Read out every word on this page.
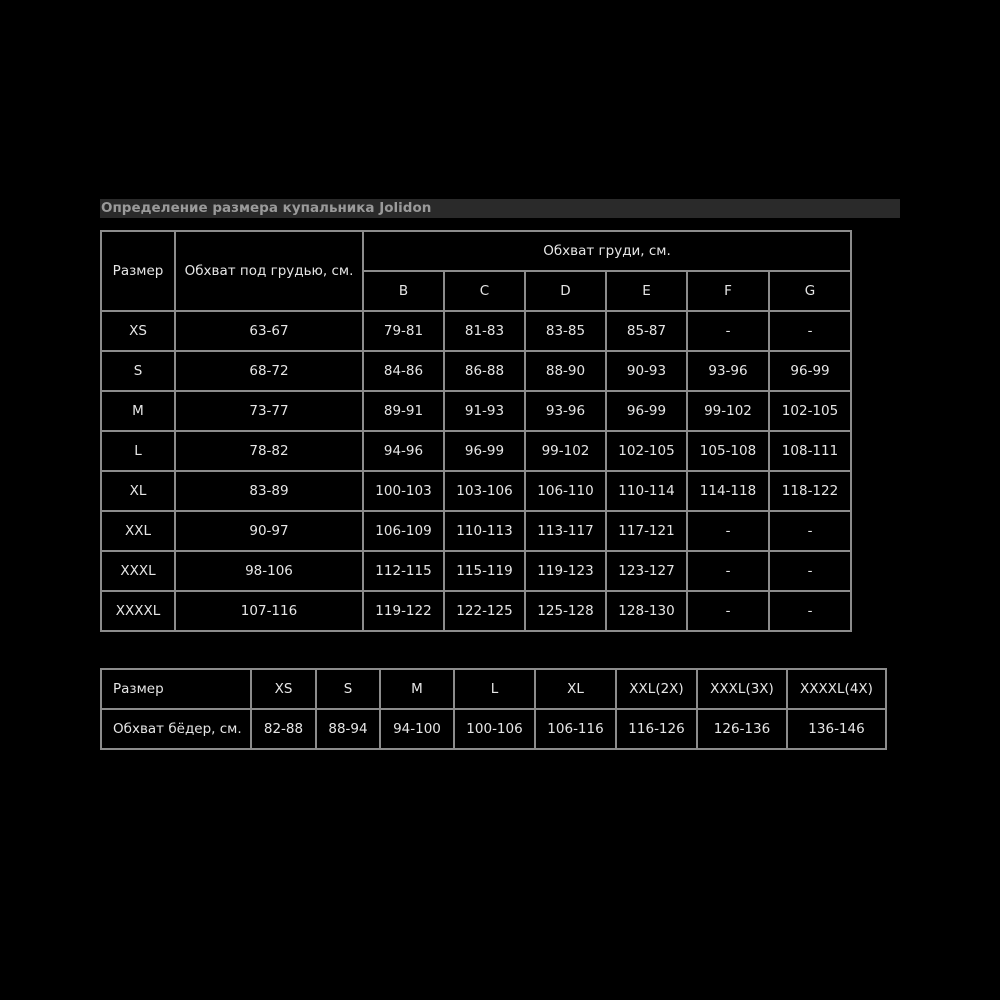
Определение размера купальника Jolidon
Размер	Обхват под грудью, см.	Обхват груди, см.					
		B	C	D	E	F	G
XS	63-67	79-81	81-83	83-85	85-87	-	-
S	68-72	84-86	86-88	88-90	90-93	93-96	96-99
M	73-77	89-91	91-93	93-96	96-99	99-102	102-105
L	78-82	94-96	96-99	99-102	102-105	105-108	108-111
XL	83-89	100-103	103-106	106-110	110-114	114-118	118-122
XXL	90-97	106-109	110-113	113-117	117-121	-	-
XXXL	98-106	112-115	115-119	119-123	123-127	-	-
XXXXL	107-116	119-122	122-125	125-128	128-130	-	-
Размер	XS	S	M	L	XL	XXL(2X)	XXXL(3X)	XXXXL(4X)
Обхват бёдер, см.	82-88	88-94	94-100	100-106	106-116	116-126	126-136	136-146
